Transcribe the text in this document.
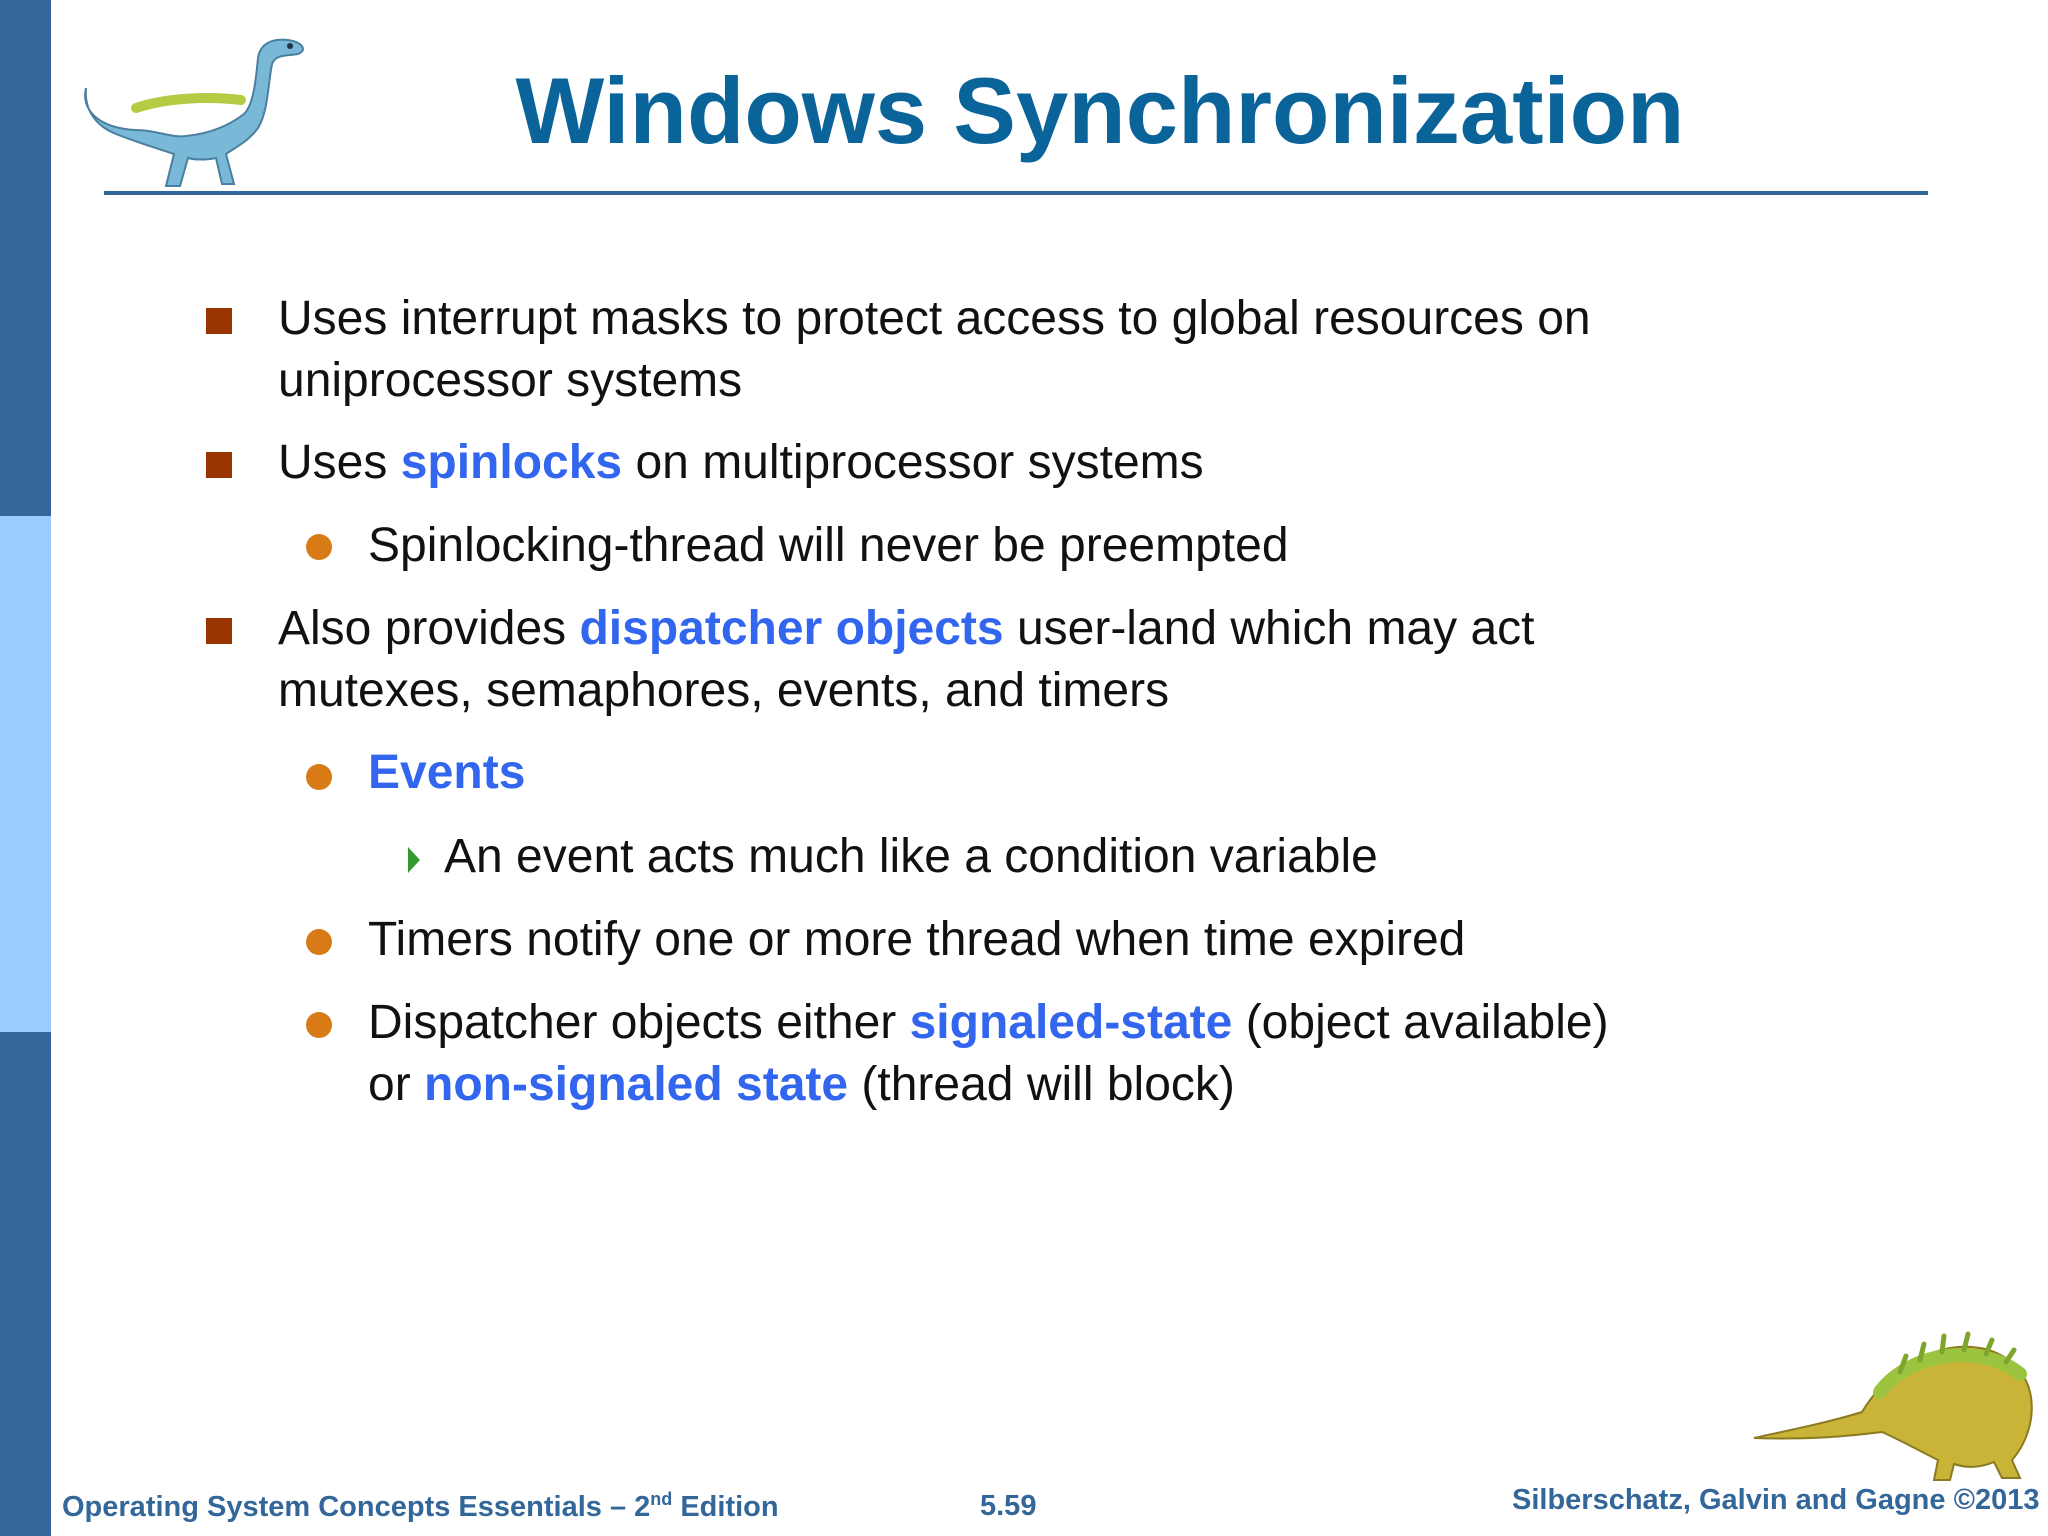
Windows Synchronization
Uses interrupt masks to protect access to global resources on
uniprocessor systems
Uses spinlocks on multiprocessor systems
Spinlocking-thread will never be preempted
Also provides dispatcher objects user-land which may act
mutexes, semaphores, events, and timers
Events
An event acts much like a condition variable
Timers notify one or more thread when time expired
Dispatcher objects either signaled-state (object available)
or non-signaled state (thread will block)
Operating System Concepts Essentials – 2nd Edition	5.59	Silberschatz, Galvin and Gagne ©2013
